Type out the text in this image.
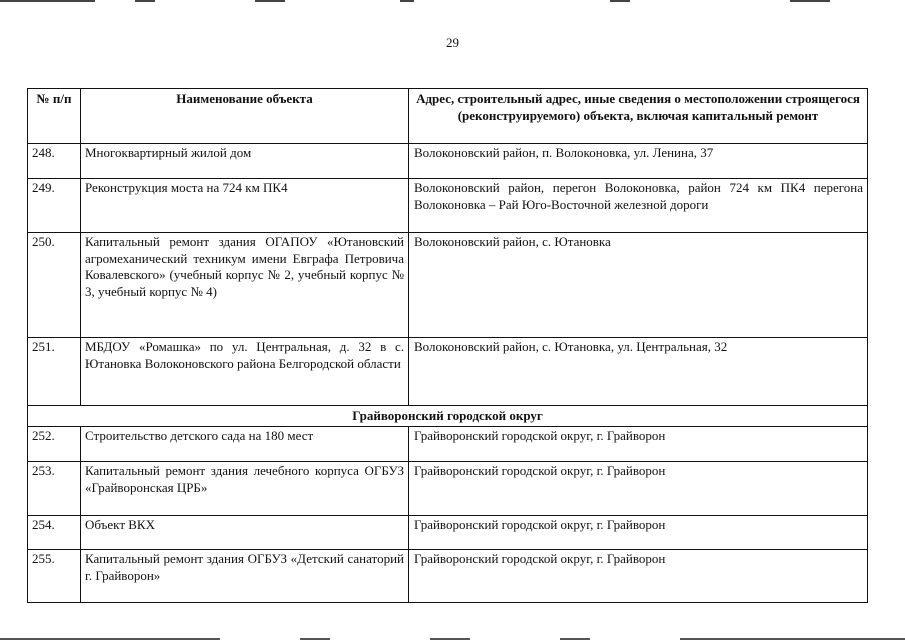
29
№ п/п	Наименование объекта	Адрес, строительный адрес, иные сведения о местоположении строящегося (реконструируемого) объекта, включая капитальный ремонт
248.	Многоквартирный жилой дом	Волоконовский район, п. Волоконовка, ул. Ленина, 37
249.	Реконструкция моста на 724 км ПК4	Волоконовский район, перегон Волоконовка, район 724 км ПК4 перегона Волоконовка – Рай Юго-Восточной железной дороги
250.	Капитальный ремонт здания ОГАПОУ «Ютановский агромеханический техникум имени Евграфа Петровича Ковалевского» (учебный корпус № 2, учебный корпус № 3, учебный корпус № 4)	Волоконовский район, с. Ютановка
251.	МБДОУ «Ромашка» по ул. Центральная, д. 32 в с. Ютановка Волоконовского района Белгородской области	Волоконовский район, с. Ютановка, ул. Центральная, 32
Грайворонский городской округ		
252.	Строительство детского сада на 180 мест	Грайворонский городской округ, г. Грайворон
253.	Капитальный ремонт здания лечебного корпуса ОГБУЗ «Грайворонская ЦРБ»	Грайворонский городской округ, г. Грайворон
254.	Объект ВКХ	Грайворонский городской округ, г. Грайворон
255.	Капитальный ремонт здания ОГБУЗ «Детский санаторий г. Грайворон»	Грайворонский городской округ, г. Грайворон
